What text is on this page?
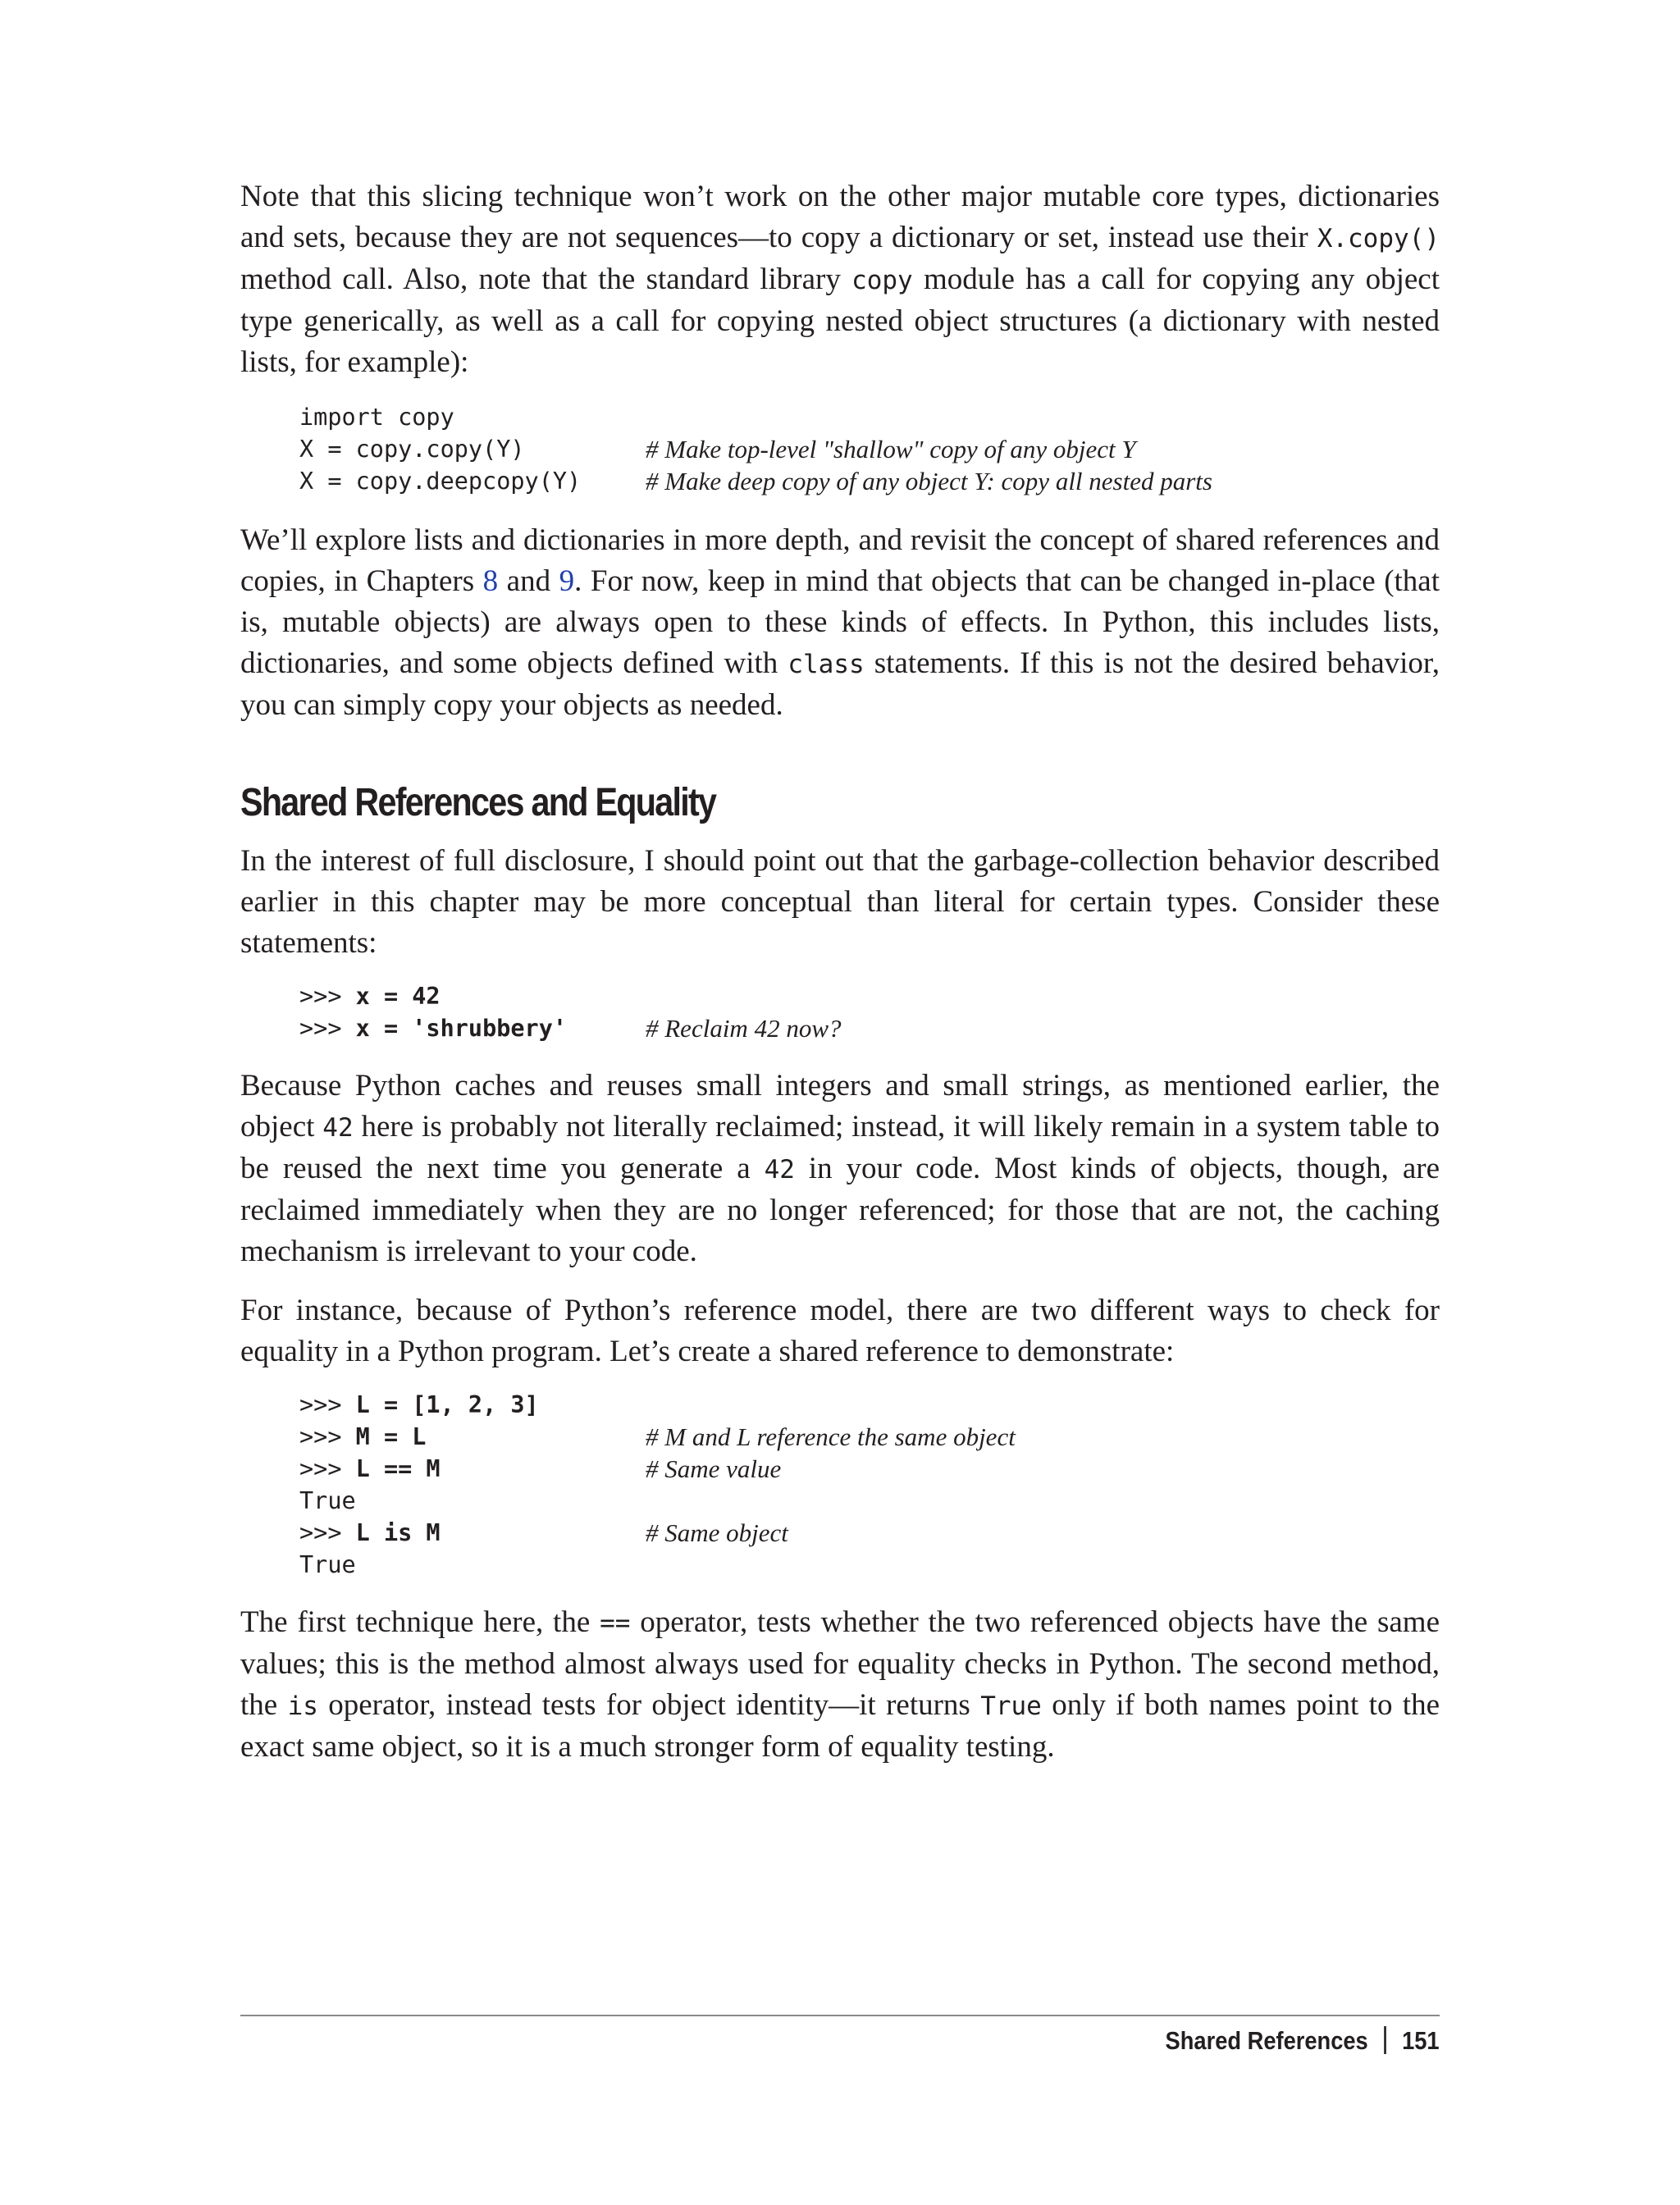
Note that this slicing technique won’t work on the other major mutable core types, dictionaries and sets, because they are not sequences—to copy a dictionary or set, instead use their X.copy() method call. Also, note that the standard library copy module has a call for copying any object type generically, as well as a call for copying nested object structures (a dictionary with nested lists, for example):

import copy
X = copy.copy(Y)	# Make top-level "shallow" copy of any object Y
X = copy.deepcopy(Y)	# Make deep copy of any object Y: copy all nested parts

We’ll explore lists and dictionaries in more depth, and revisit the concept of shared references and copies, in Chapters 8 and 9. For now, keep in mind that objects that can be changed in-place (that is, mutable objects) are always open to these kinds of effects. In Python, this includes lists, dictionaries, and some objects defined with class statements. If this is not the desired behavior, you can simply copy your objects as needed.

Shared References and Equality

In the interest of full disclosure, I should point out that the garbage-collection behavior described earlier in this chapter may be more conceptual than literal for certain types. Consider these statements:

>>> x = 42
>>> x = 'shrubbery'	# Reclaim 42 now?

Because Python caches and reuses small integers and small strings, as mentioned earlier, the object 42 here is probably not literally reclaimed; instead, it will likely remain in a system table to be reused the next time you generate a 42 in your code. Most kinds of objects, though, are reclaimed immediately when they are no longer referenced; for those that are not, the caching mechanism is irrelevant to your code.

For instance, because of Python’s reference model, there are two different ways to check for equality in a Python program. Let’s create a shared reference to demonstrate:

>>> L = [1, 2, 3]
>>> M = L	# M and L reference the same object
>>> L == M	# Same value
True
>>> L is M	# Same object
True

The first technique here, the == operator, tests whether the two referenced objects have the same values; this is the method almost always used for equality checks in Python. The second method, the is operator, instead tests for object identity—it returns True only if both names point to the exact same object, so it is a much stronger form of equality testing.

Shared References 151
